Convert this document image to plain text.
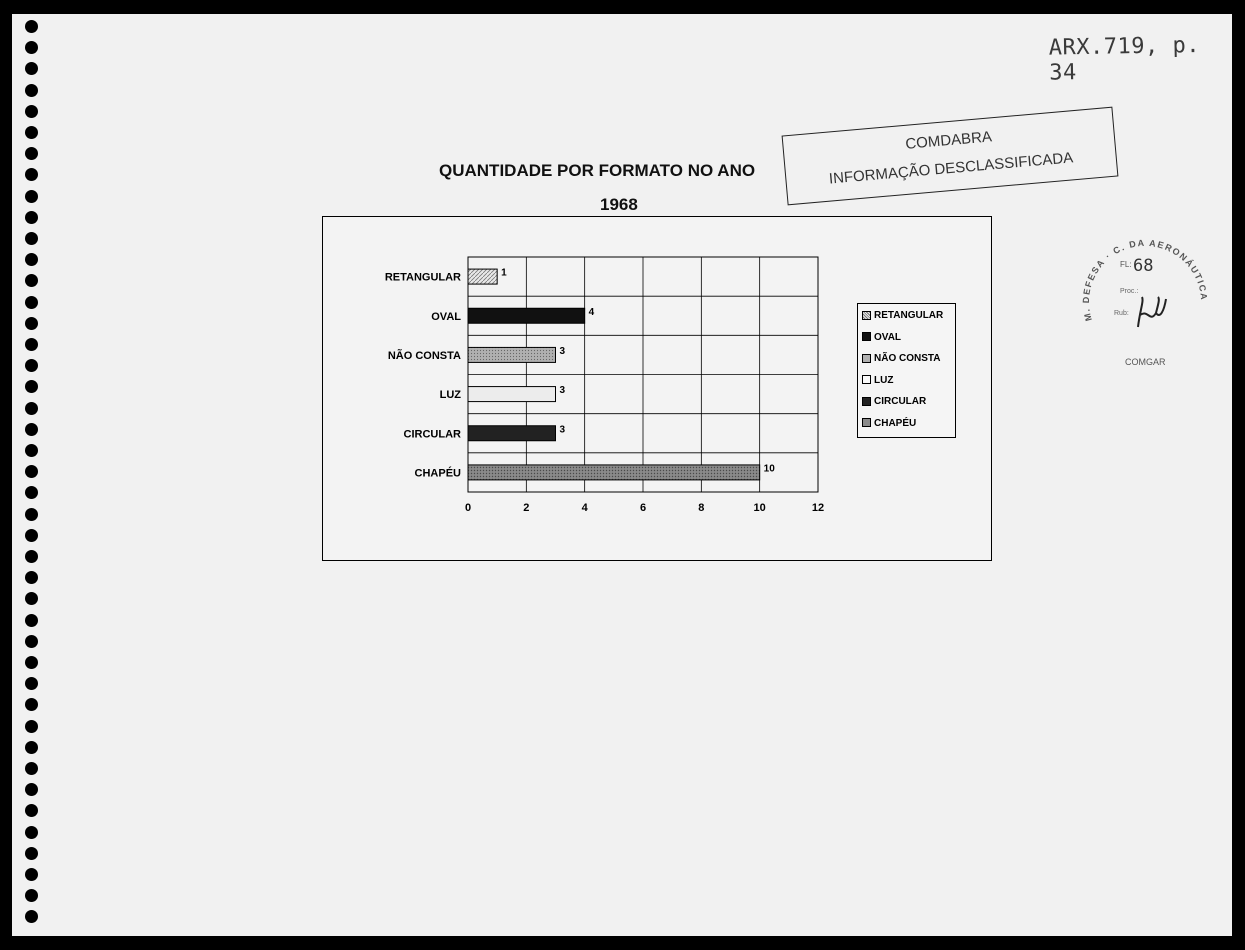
ARX.719, p. 34
QUANTIDADE POR FORMATO NO ANO
1968
0	2	4	6	8	10	12
RETANGULAR	1
OVAL	4
NÃO CONSTA	3
LUZ	3
CIRCULAR	3
CHAPÉU	10
RETANGULAR
OVAL
NÃO CONSTA
LUZ
CIRCULAR
CHAPÉU
COMDABRA
INFORMAÇÃO DESCLASSIFICADA
M. DEFESA · C. DA AERONÁUTICA
FL: 68
Proc.:
Rub:
COMGAR
